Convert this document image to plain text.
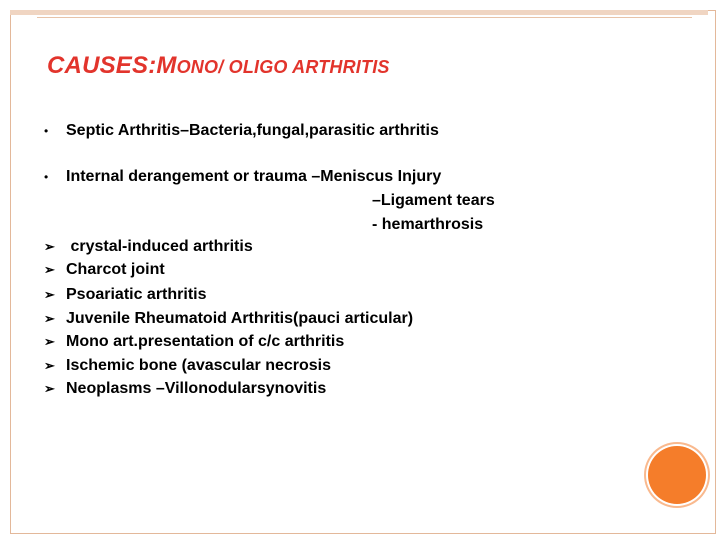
CAUSES:MONO/ OLIGO ARTHRITIS
• Septic Arthritis–Bacteria,fungal,parasitic arthritis
• Internal derangement or trauma –Meniscus Injury
–Ligament tears
- hemarthrosis
➢ crystal-induced arthritis
➢ Charcot joint
➢ Psoariatic arthritis
➢ Juvenile Rheumatoid Arthritis(pauci articular)
➢ Mono art.presentation of c/c arthritis
➢ Ischemic bone (avascular necrosis
➢ Neoplasms –Villonodularsynovitis
